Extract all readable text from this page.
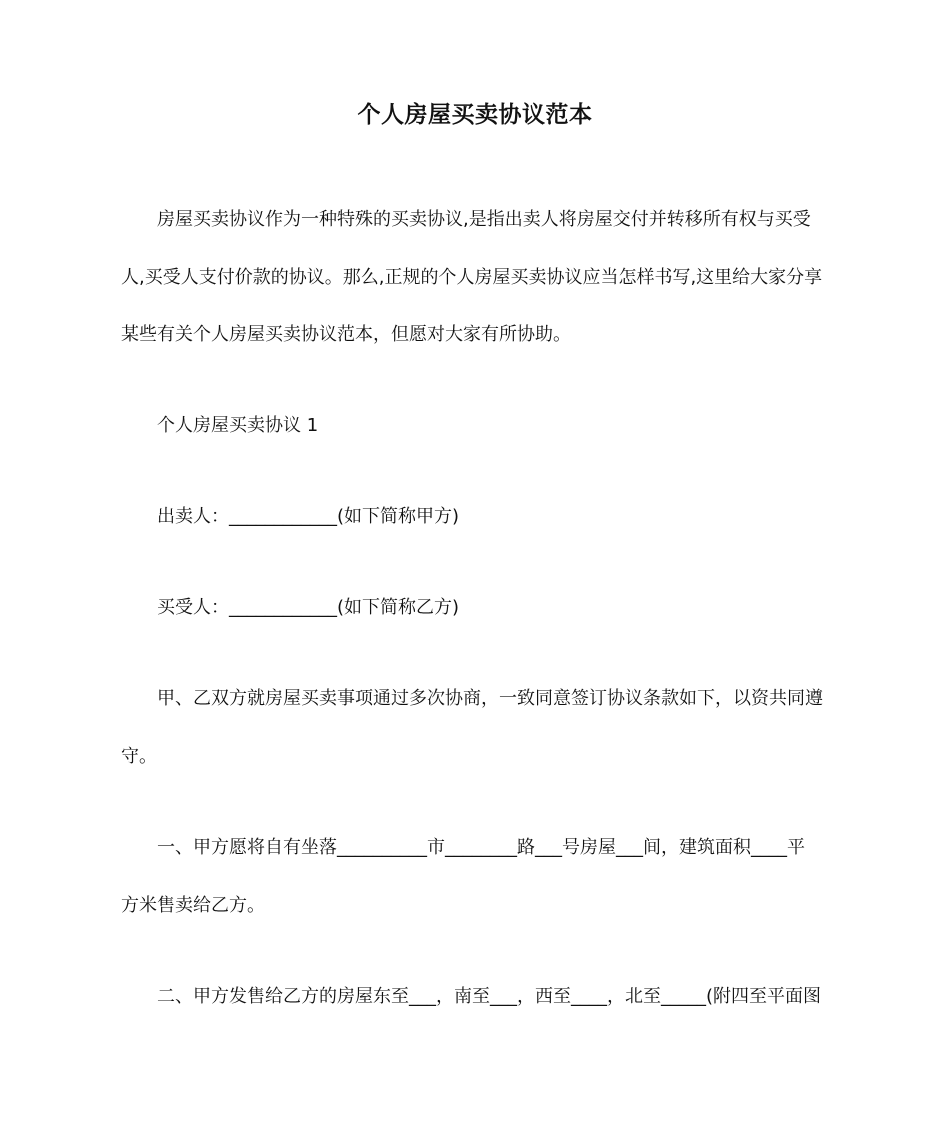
个人房屋买卖协议范本

房屋买卖协议作为一种特殊的买卖协议,是指出卖人将房屋交付并转移所有权与买受

人,买受人支付价款的协议。那么,正规的个人房屋买卖协议应当怎样书写,这里给大家分享

某些有关个人房屋买卖协议范本，但愿对大家有所协助。

个人房屋买卖协议 1

出卖人：____________(如下简称甲方)

买受人：____________(如下简称乙方)

甲、乙双方就房屋买卖事项通过多次协商，一致同意签订协议条款如下，以资共同遵

守。

一、甲方愿将自有坐落__________市________路___号房屋___间，建筑面积____平

方米售卖给乙方。

二、甲方发售给乙方的房屋东至___，南至___，西至____，北至_____(附四至平面图
